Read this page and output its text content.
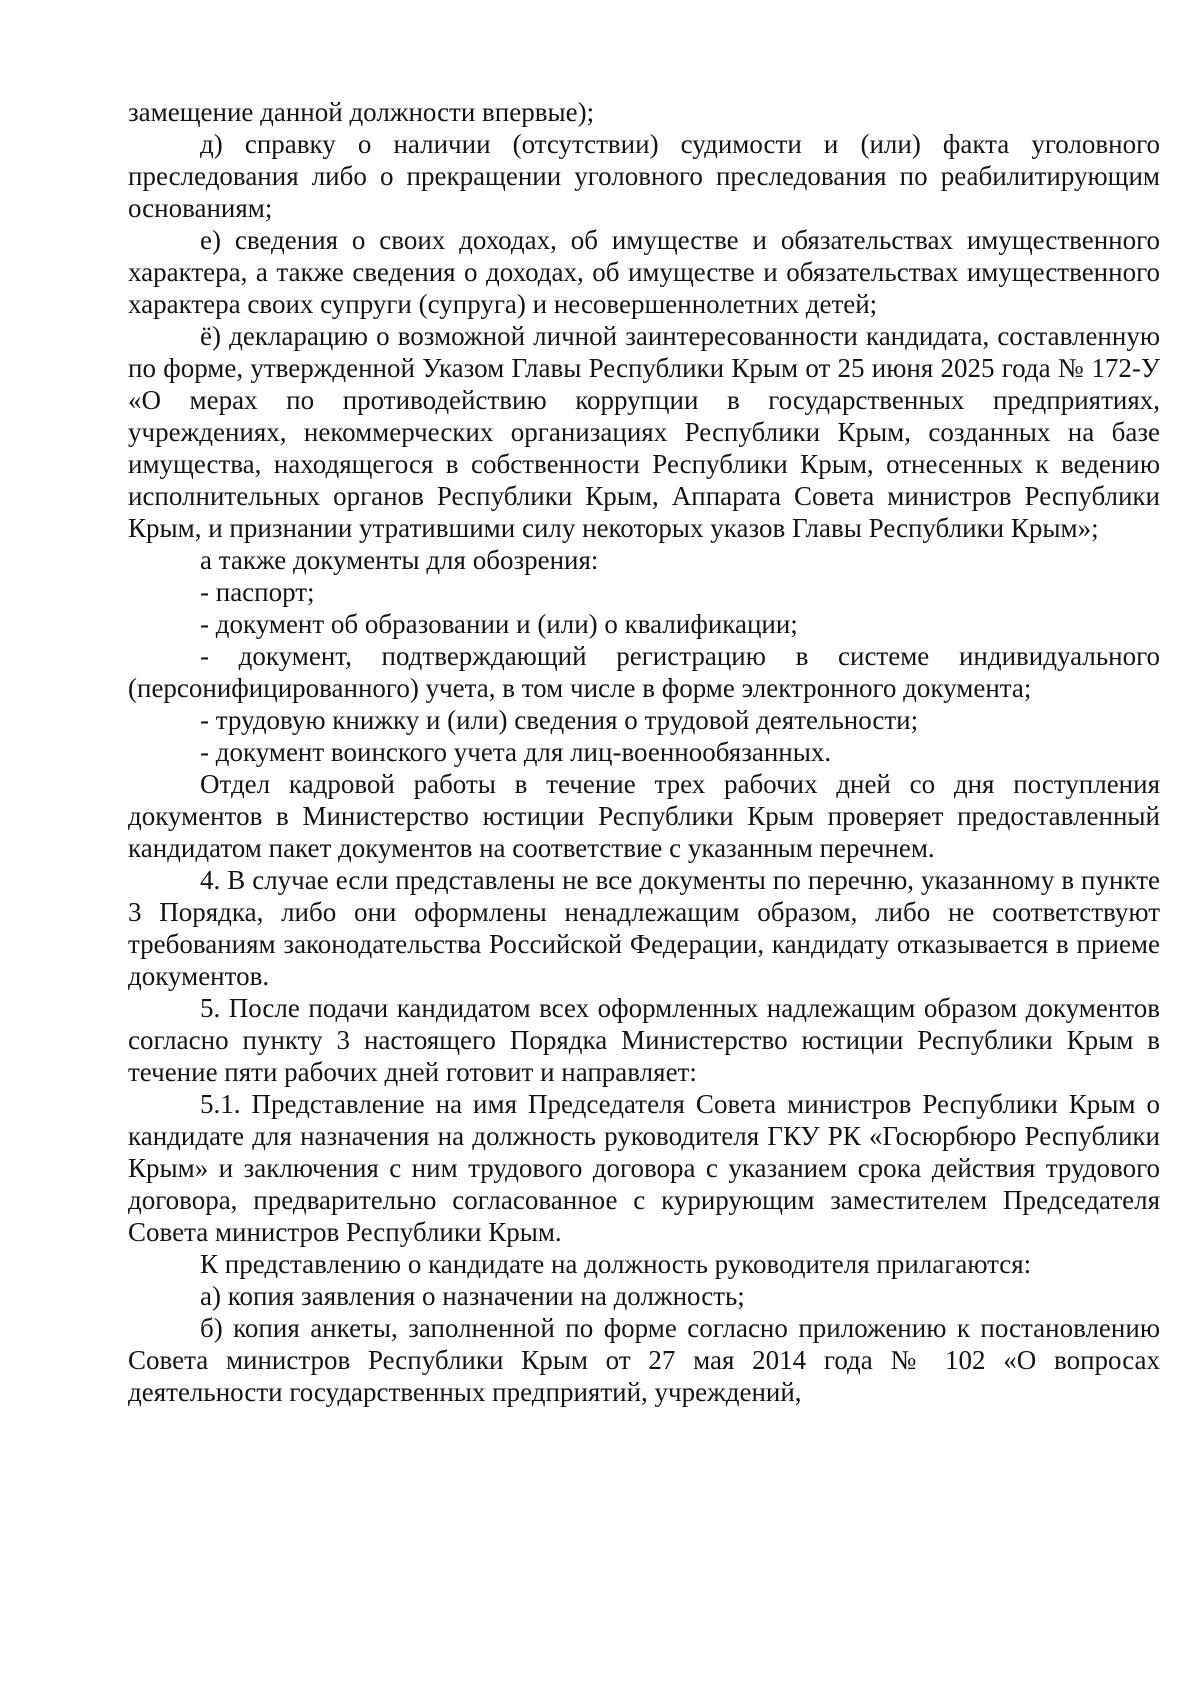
замещение данной должности впервые);

д) справку о наличии (отсутствии) судимости и (или) факта уголовного преследования либо о прекращении уголовного преследования по реабилитирующим основаниям;

е) сведения о своих доходах, об имуществе и обязательствах имущественного характера, а также сведения о доходах, об имуществе и обязательствах имущественного характера своих супруги (супруга) и несовершеннолетних детей;

ё) декларацию о возможной личной заинтересованности кандидата, составленную по форме, утвержденной Указом Главы Республики Крым от 25 июня 2025 года № 172-У «О мерах по противодействию коррупции в государственных предприятиях, учреждениях, некоммерческих организациях Республики Крым, созданных на базе имущества, находящегося в собственности Республики Крым, отнесенных к ведению исполнительных органов Республики Крым, Аппарата Совета министров Республики Крым, и признании утратившими силу некоторых указов Главы Республики Крым»;

а также документы для обозрения:

- паспорт;

- документ об образовании и (или) о квалификации;

- документ, подтверждающий регистрацию в системе индивидуального (персонифицированного) учета, в том числе в форме электронного документа;

- трудовую книжку и (или) сведения о трудовой деятельности;

- документ воинского учета для лиц-военнообязанных.

Отдел кадровой работы в течение трех рабочих дней со дня поступления документов в Министерство юстиции Республики Крым проверяет предоставленный кандидатом пакет документов на соответствие с указанным перечнем.

4. В случае если представлены не все документы по перечню, указанному в пункте 3 Порядка, либо они оформлены ненадлежащим образом, либо не соответствуют требованиям законодательства Российской Федерации, кандидату отказывается в приеме документов.

5. После подачи кандидатом всех оформленных надлежащим образом документов согласно пункту 3 настоящего Порядка Министерство юстиции Республики Крым в течение пяти рабочих дней готовит и направляет:

5.1. Представление на имя Председателя Совета министров Республики Крым о кандидате для назначения на должность руководителя ГКУ РК «Госюрбюро Республики Крым» и заключения с ним трудового договора с указанием срока действия трудового договора, предварительно согласованное с курирующим заместителем Председателя Совета министров Республики Крым.

К представлению о кандидате на должность руководителя прилагаются:

а) копия заявления о назначении на должность;

б) копия анкеты, заполненной по форме согласно приложению к постановлению Совета министров Республики Крым от 27 мая 2014 года № 102 «О вопросах деятельности государственных предприятий, учреждений,
